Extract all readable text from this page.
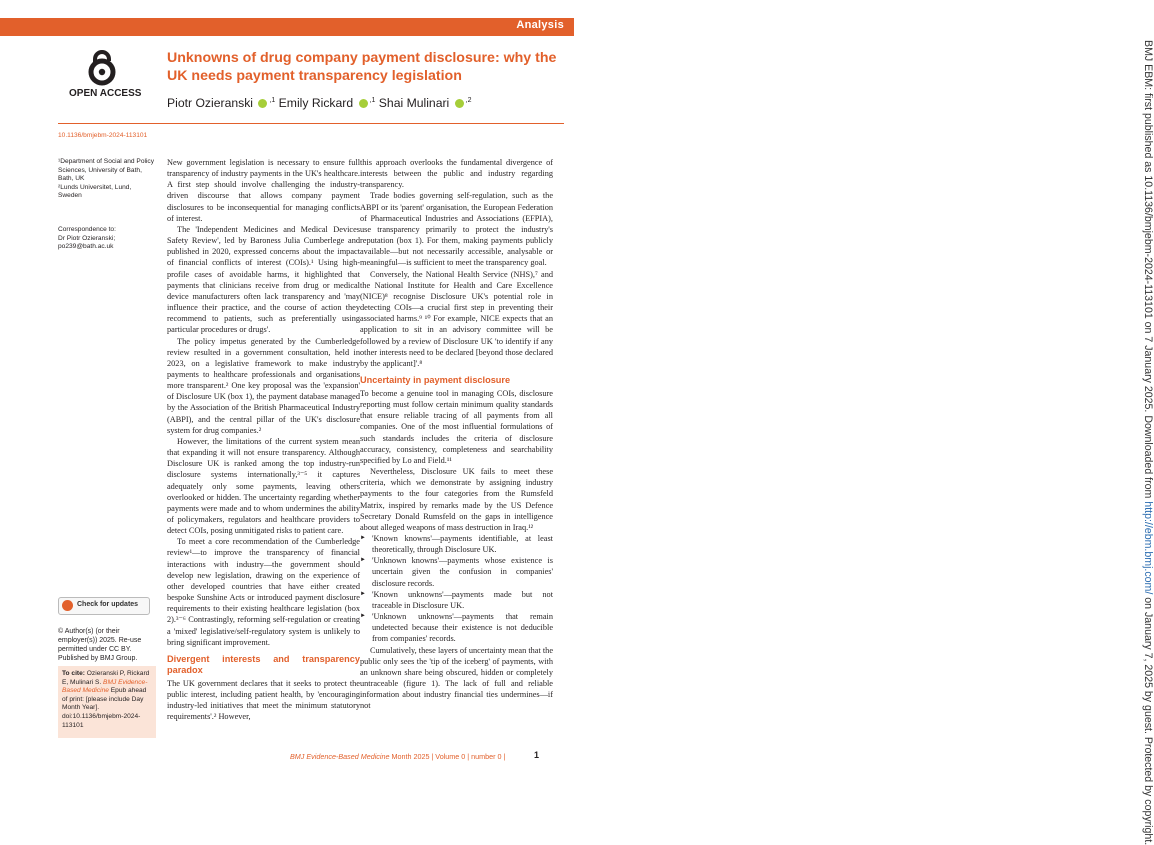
Analysis
BMJ EBM: first published as 10.1136/bmjebm-2024-113101 on 7 January 2025. Downloaded from http://ebm.bmj.com/ on January 7, 2025 by guest. Protected by copyright.
OPEN ACCESS
Unknowns of drug company payment disclosure: why the UK needs payment transparency legislation
Piotr Ozieranski $^{,1}$ Emily Rickard $^{,1}$ Shai Mulinari $^{,2}$
10.1136/bmjebm-2024-113101
¹Department of Social and Policy Sciences, University of Bath, Bath, UK
²Lunds Universitet, Lund, Sweden
Correspondence to:
Dr Piotr Ozieranski; po239@bath.ac.uk
Check for updates
© Author(s) (or their employer(s)) 2025. Re-use permitted under CC BY. Published by BMJ Group.
To cite: Ozieranski P, Rickard E, Mulinari S. BMJ Evidence-Based Medicine Epub ahead of print: [please include Day Month Year]. doi:10.1136/bmjebm-2024-113101

New government legislation is necessary to ensure full transparency of industry payments in the UK's healthcare. A first step should involve challenging the industry-driven discourse that allows company payment disclosures to be inconsequential for managing conflicts of interest.

The 'Independent Medicines and Medical Devices Safety Review', led by Baroness Julia Cumberlege and published in 2020, expressed concerns about the impact of financial conflicts of interest (COIs).¹ Using high-profile cases of avoidable harms, it highlighted that payments that clinicians receive from drug or medical device manufacturers often lack transparency and 'may influence their practice, and the course of action they recommend to patients, such as preferentially using particular procedures or drugs'.

The policy impetus generated by the Cumberledge review resulted in a government consultation, held in 2023, on a legislative framework to make industry payments to healthcare professionals and organisations more transparent.² One key proposal was the 'expansion' of Disclosure UK (box 1), the payment database managed by the Association of the British Pharmaceutical Industry (ABPI), and the central pillar of the UK's disclosure system for drug companies.²

However, the limitations of the current system mean that expanding it will not ensure transparency. Although Disclosure UK is ranked among the top industry-run disclosure systems internationally,³⁻⁵ it captures adequately only some payments, leaving others overlooked or hidden. The uncertainty regarding whether payments were made and to whom undermines the ability of policymakers, regulators and healthcare providers to detect COIs, posing unmitigated risks to patient care.

To meet a core recommendation of the Cumberledge review¹—to improve the transparency of financial interactions with industry—the government should develop new legislation, drawing on the experience of other developed countries that have either created bespoke Sunshine Acts or introduced payment disclosure requirements to their existing healthcare legislation (box 2).³⁻⁶ Contrastingly, reforming self-regulation or creating a 'mixed' legislative/self-regulatory system is unlikely to bring significant improvement.

Divergent interests and transparency paradox

The UK government declares that it seeks to protect the public interest, including patient health, by 'encouraging industry-led initiatives that meet the minimum statutory requirements'.² However,

this approach overlooks the fundamental divergence of interests between the public and industry regarding transparency.

Trade bodies governing self-regulation, such as the ABPI or its 'parent' organisation, the European Federation of Pharmaceutical Industries and Associations (EFPIA), use transparency primarily to protect the industry's reputation (box 1). For them, making payments publicly available—but not necessarily accessible, analysable or meaningful—is sufficient to meet the transparency goal.

Conversely, the National Health Service (NHS),⁷ and the National Institute for Health and Care Excellence (NICE)⁸ recognise Disclosure UK's potential role in detecting COIs—a crucial first step in preventing their associated harms.⁹ ¹⁰ For example, NICE expects that an application to sit in an advisory committee will be followed by a review of Disclosure UK 'to identify if any other interests need to be declared [beyond those declared by the applicant]'.⁸

Uncertainty in payment disclosure

To become a genuine tool in managing COIs, disclosure reporting must follow certain minimum quality standards that ensure reliable tracing of all payments from all companies. One of the most influential formulations of such standards includes the criteria of disclosure accuracy, consistency, completeness and searchability specified by Lo and Field.¹¹

Nevertheless, Disclosure UK fails to meet these criteria, which we demonstrate by assigning industry payments to the four categories from the Rumsfeld Matrix, inspired by remarks made by the US Defence Secretary Donald Rumsfeld on the gaps in intelligence about alleged weapons of mass destruction in Iraq.¹²

► 'Known knowns'—payments identifiable, at least theoretically, through Disclosure UK.
► 'Unknown knowns'—payments whose existence is uncertain given the confusion in companies' disclosure records.
► 'Known unknowns'—payments made but not traceable in Disclosure UK.
► 'Unknown unknowns'—payments that remain undetected because their existence is not deducible from companies' records.

Cumulatively, these layers of uncertainty mean that the public only sees the 'tip of the iceberg' of payments, with an unknown share being obscured, hidden or completely untraceable (figure 1). The lack of full and reliable information about industry financial ties undermines—if not

BMJ Evidence-Based Medicine Month 2025 | Volume 0 | number 0 |	1
